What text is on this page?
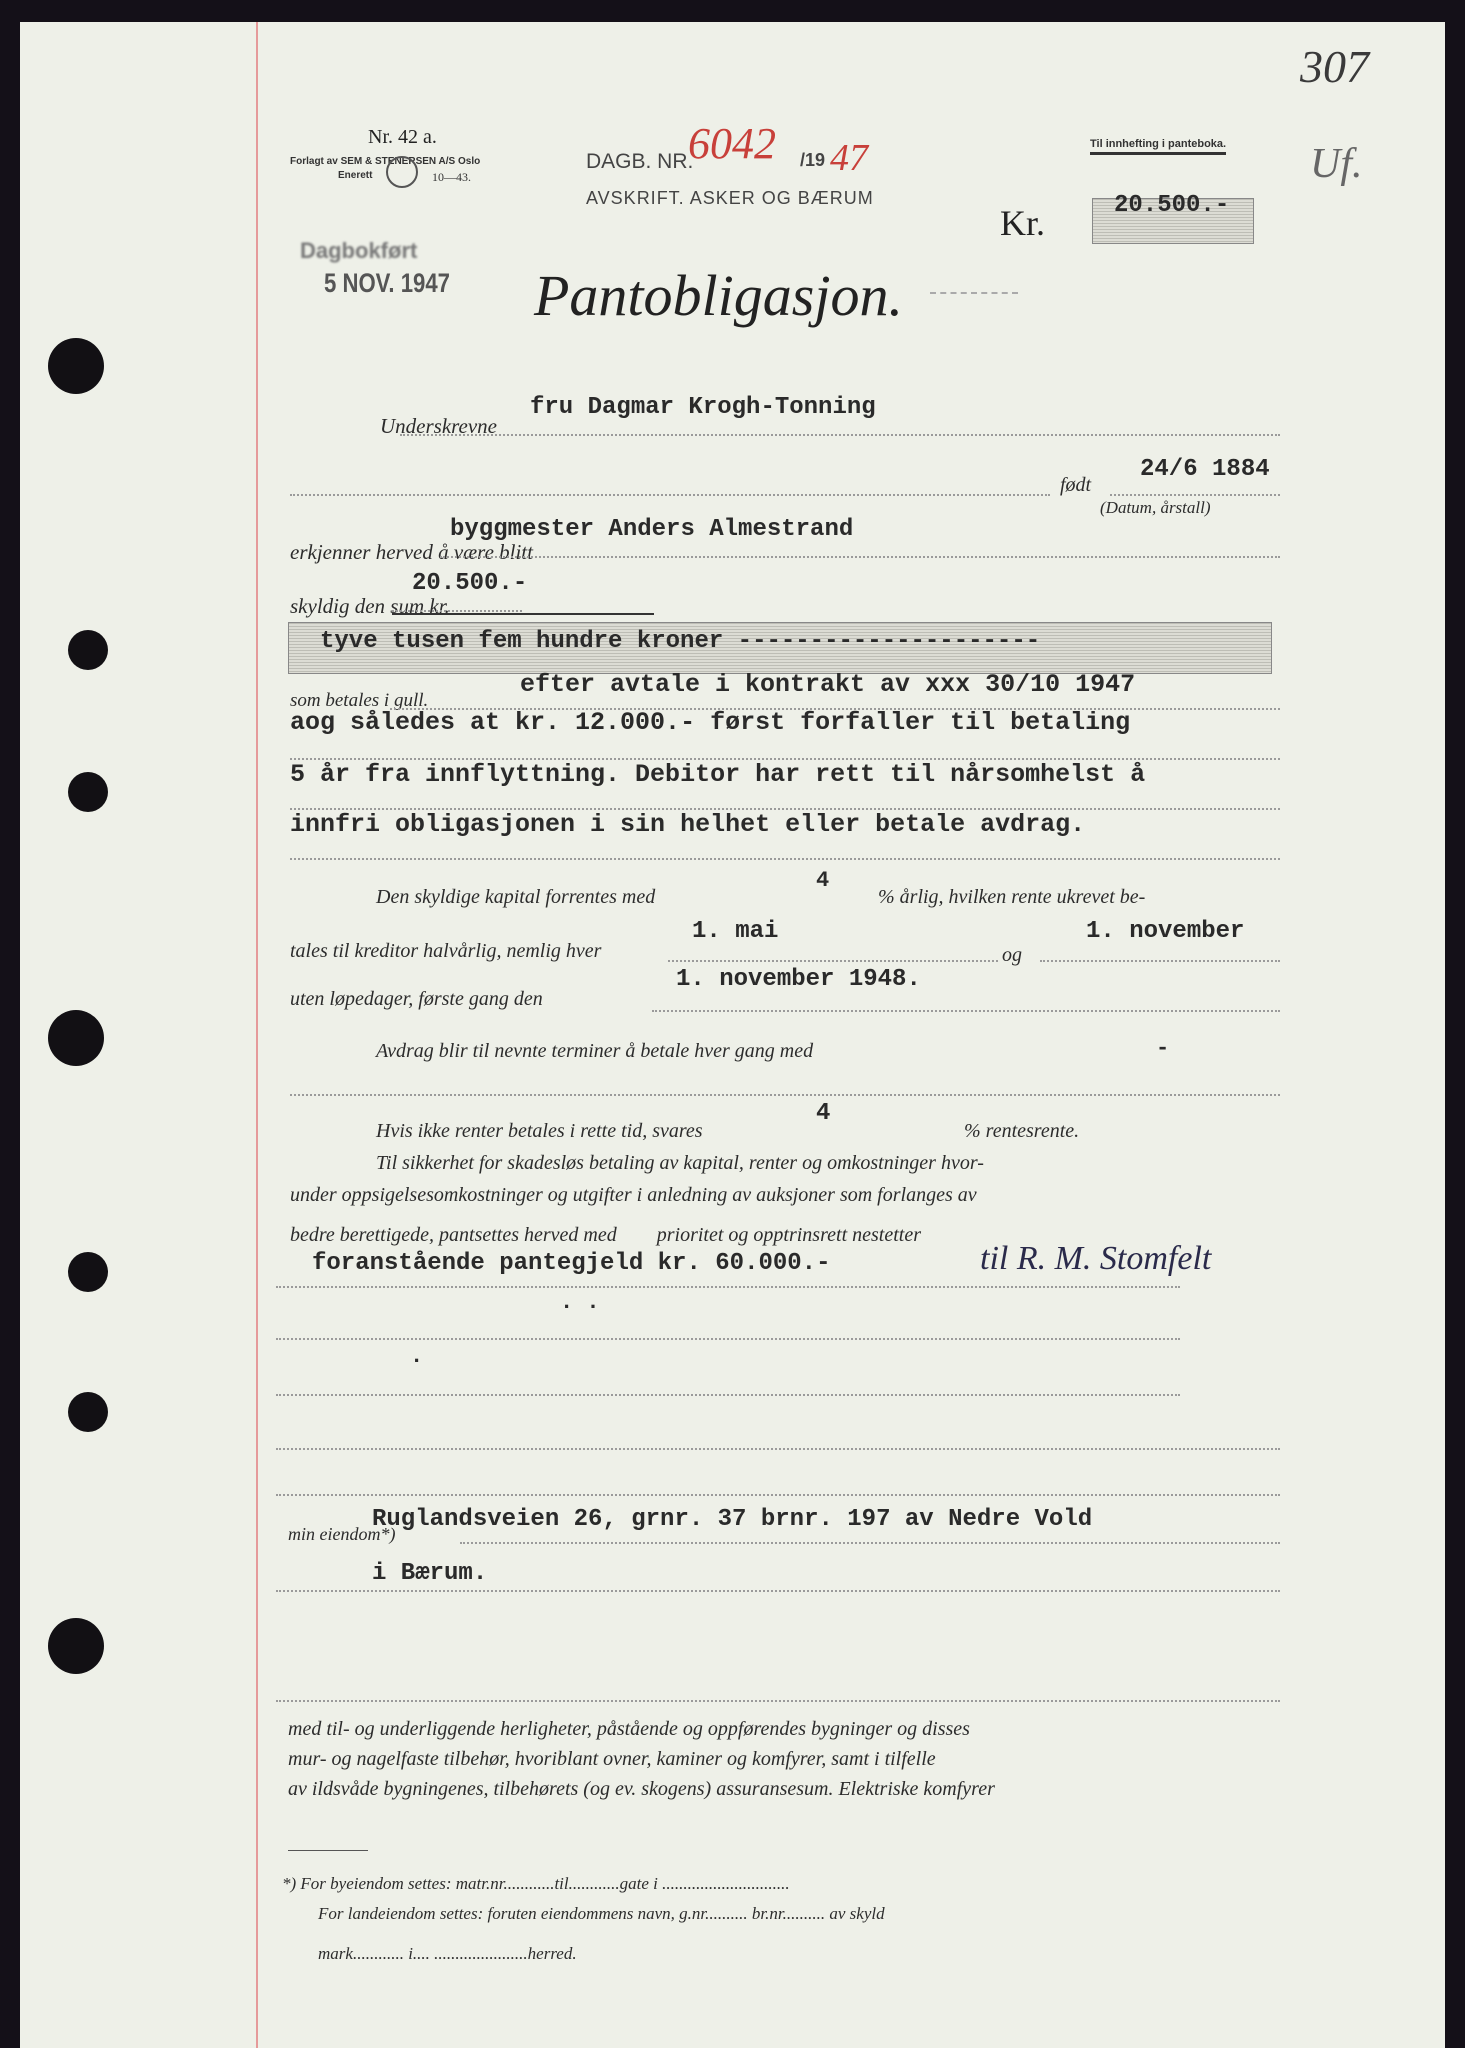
Nr. 42 a.
Forlagt av SEM & STENERSEN A/S Oslo
Enerett	10—43.
DAGB. NR.
6042 /19 47
AVSKRIFT. ASKER OG BÆRUM
Til innhefting i panteboka.
307
Uf.
Kr.	20.500.-
Dagbokført
5 NOV. 1947 Pantobligasjon.
Underskrevne
fru Dagmar Krogh-Tonning
født
24/6 1884
(Datum, årstall)
erkjenner herved å være blitt
byggmester Anders Almestrand
skyldig den sum kr.
20.500.-
tyve tusen fem hundre kroner ---------------------
som betales i gull.
efter avtale i kontrakt av xxx 30/10 1947
aog således at kr. 12.000.- først forfaller til betaling
5 år fra innflyttning. Debitor har rett til nårsomhelst å
innfri obligasjonen i sin helhet eller betale avdrag.
Den skyldige kapital forrentes med
4
% årlig, hvilken rente ukrevet be-
tales til kreditor halvårlig, nemlig hver
1. mai
og
1. november
uten løpedager, første gang den
1. november 1948.
Avdrag blir til nevnte terminer å betale hver gang med	-
Hvis ikke renter betales i rette tid, svares
4
% rentesrente.
Til sikkerhet for skadesløs betaling av kapital, renter og omkostninger hvor-
under oppsigelsesomkostninger og utgifter i anledning av auksjoner som forlanges av
bedre berettigede, pantsettes herved med        prioritet og opptrinsrett nestetter
foranstående pantegjeld kr. 60.000.-	til R. M. Stomfelt
. .
.
min eiendom*)
Ruglandsveien 26, grnr. 37 brnr. 197 av Nedre Vold
i Bærum.
med til- og underliggende herligheter, påstående og oppførendes bygninger og disses
mur- og nagelfaste tilbehør, hvoriblant ovner, kaminer og komfyrer, samt i tilfelle
av ildsvåde bygningenes, tilbehørets (og ev. skogens) assuransesum. Elektriske komfyrer
*) For byeiendom settes: matr.nr............til............gate i ..............................
For landeiendom settes: foruten eiendommens navn, g.nr.......... br.nr.......... av skyld
mark............ i.... ......................herred.
